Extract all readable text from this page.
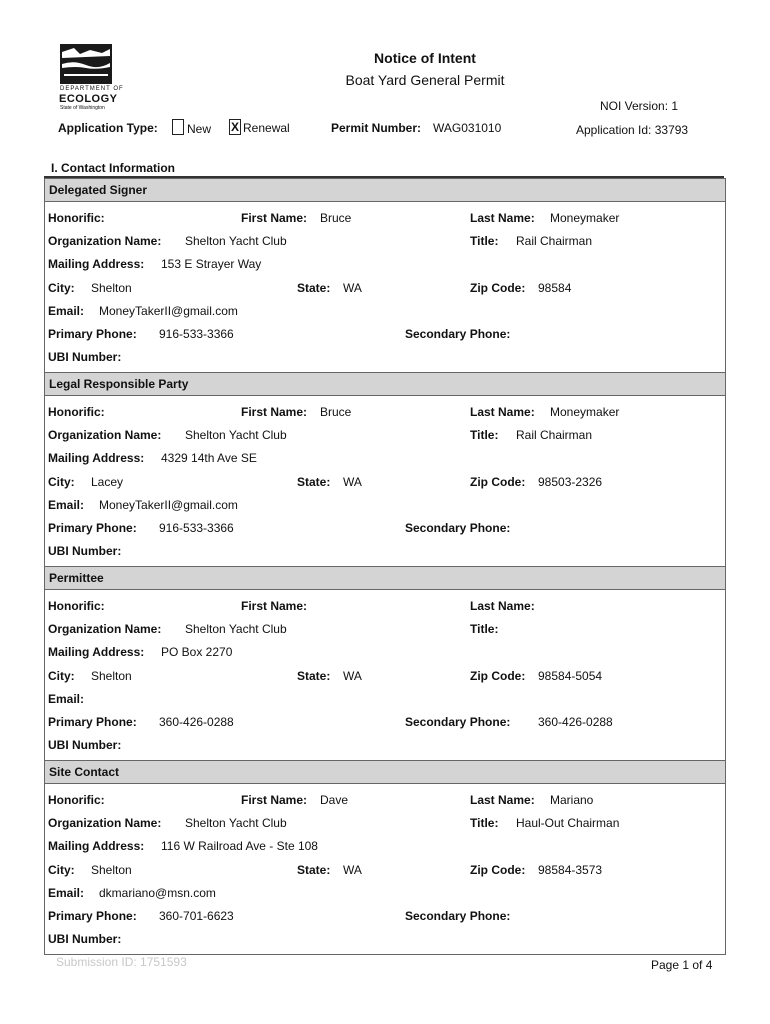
DEPARTMENT OF
ECOLOGY
State of Washington
Notice of Intent
Boat Yard General Permit
NOI Version: 1
Application Id: 33793
Application Type: New X Renewal	Permit Number: WAG031010
I. Contact Information
Delegated Signer
Honorific:	First Name: Bruce	Last Name: Moneymaker
Organization Name: Shelton Yacht Club	Title: Rail Chairman
Mailing Address: 153 E Strayer Way
City: Shelton	State: WA	Zip Code: 98584
Email: MoneyTakerII@gmail.com
Primary Phone: 916-533-3366	Secondary Phone:
UBI Number:
Legal Responsible Party
Honorific:	First Name: Bruce	Last Name: Moneymaker
Organization Name: Shelton Yacht Club	Title: Rail Chairman
Mailing Address: 4329 14th Ave SE
City: Lacey	State: WA	Zip Code: 98503-2326
Email: MoneyTakerII@gmail.com
Primary Phone: 916-533-3366	Secondary Phone:
UBI Number:
Permittee
Honorific:	First Name:	Last Name:
Organization Name: Shelton Yacht Club	Title:
Mailing Address: PO Box 2270
City: Shelton	State: WA	Zip Code: 98584-5054
Email:
Primary Phone: 360-426-0288	Secondary Phone: 360-426-0288
UBI Number:
Site Contact
Honorific:	First Name: Dave	Last Name: Mariano
Organization Name: Shelton Yacht Club	Title: Haul-Out Chairman
Mailing Address: 116 W Railroad Ave - Ste 108
City: Shelton	State: WA	Zip Code: 98584-3573
Email: dkmariano@msn.com
Primary Phone: 360-701-6623	Secondary Phone:
UBI Number:
Submission ID: 1751593	Page 1 of 4
